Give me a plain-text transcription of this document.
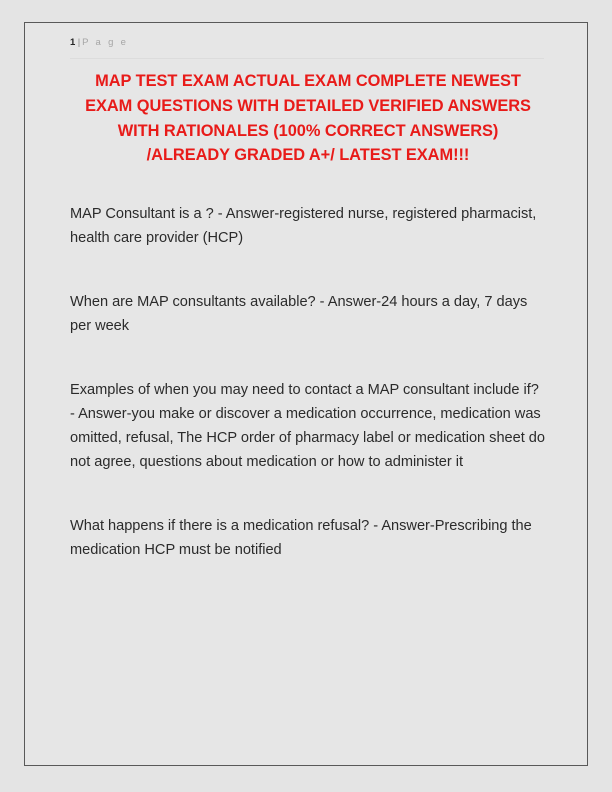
1 | P a g e
MAP TEST EXAM ACTUAL EXAM COMPLETE NEWEST EXAM QUESTIONS WITH DETAILED VERIFIED ANSWERS WITH RATIONALES (100% CORRECT ANSWERS) /ALREADY GRADED A+/ LATEST EXAM!!!

MAP Consultant is a ? - Answer-registered nurse, registered pharmacist, health care provider (HCP)

When are MAP consultants available? - Answer-24 hours a day, 7 days per week

Examples of when you may need to contact a MAP consultant include if? - Answer-you make or discover a medication occurrence, medication was omitted, refusal, The HCP order of pharmacy label or medication sheet do not agree, questions about medication or how to administer it

What happens if there is a medication refusal? - Answer-Prescribing the medication HCP must be notified
